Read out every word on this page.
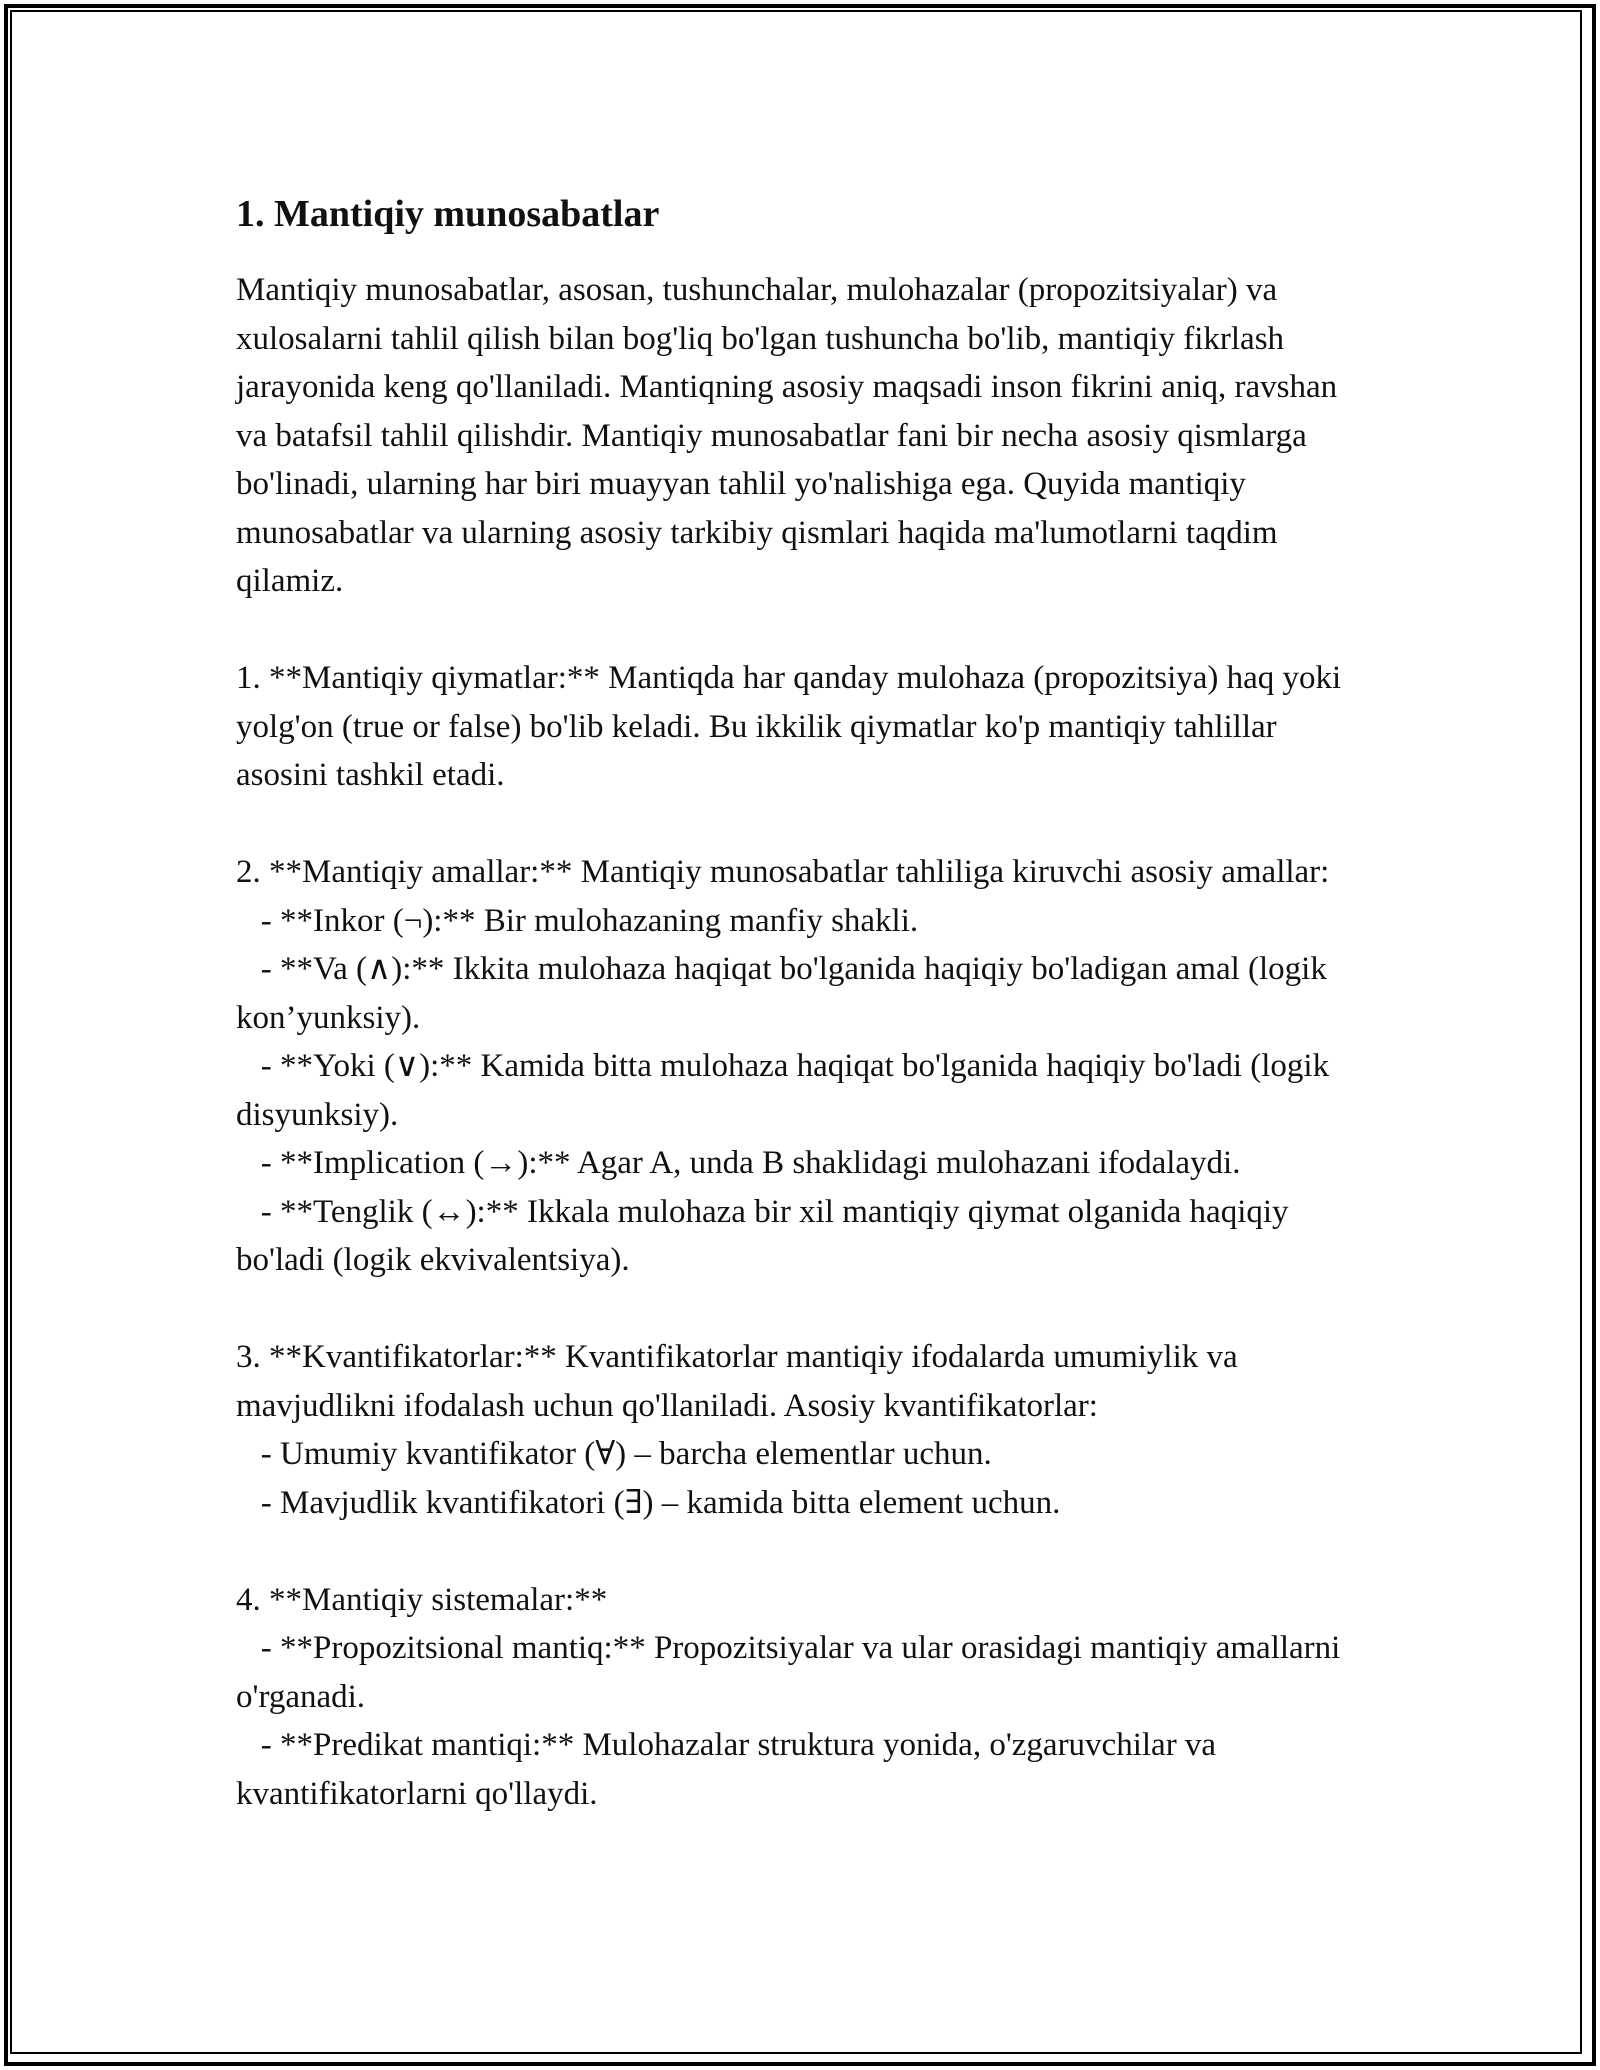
1. Mantiqiy munosabatlar

Mantiqiy munosabatlar, asosan, tushunchalar, mulohazalar (propozitsiyalar) va xulosalarni tahlil qilish bilan bog'liq bo'lgan tushuncha bo'lib, mantiqiy fikrlash jarayonida keng qo'llaniladi. Mantiqning asosiy maqsadi inson fikrini aniq, ravshan va batafsil tahlil qilishdir. Mantiqiy munosabatlar fani bir necha asosiy qismlarga bo'linadi, ularning har biri muayyan tahlil yo'nalishiga ega. Quyida mantiqiy munosabatlar va ularning asosiy tarkibiy qismlari haqida ma'lumotlarni taqdim qilamiz.

1. **Mantiqiy qiymatlar:** Mantiqda har qanday mulohaza (propozitsiya) haq yoki yolg'on (true or false) bo'lib keladi. Bu ikkilik qiymatlar ko'p mantiqiy tahlillar asosini tashkil etadi.

2. **Mantiqiy amallar:** Mantiqiy munosabatlar tahliliga kiruvchi asosiy amallar:

- **Inkor (¬):** Bir mulohazaning manfiy shakli.

- **Va (∧):** Ikkita mulohaza haqiqat bo'lganida haqiqiy bo'ladigan amal (logik kon’yunksiy).

- **Yoki (∨):** Kamida bitta mulohaza haqiqat bo'lganida haqiqiy bo'ladi (logik disyunksiy).

- **Implication (→):** Agar A, unda B shaklidagi mulohazani ifodalaydi.

- **Tenglik (↔):** Ikkala mulohaza bir xil mantiqiy qiymat olganida haqiqiy bo'ladi (logik ekvivalentsiya).

3. **Kvantifikatorlar:** Kvantifikatorlar mantiqiy ifodalarda umumiylik va mavjudlikni ifodalash uchun qo'llaniladi. Asosiy kvantifikatorlar:

- Umumiy kvantifikator (∀) – barcha elementlar uchun.

- Mavjudlik kvantifikatori (∃) – kamida bitta element uchun.

4. **Mantiqiy sistemalar:**

- **Propozitsional mantiq:** Propozitsiyalar va ular orasidagi mantiqiy amallarni o'rganadi.

- **Predikat mantiqi:** Mulohazalar struktura yonida, o'zgaruvchilar va kvantifikatorlarni qo'llaydi.
